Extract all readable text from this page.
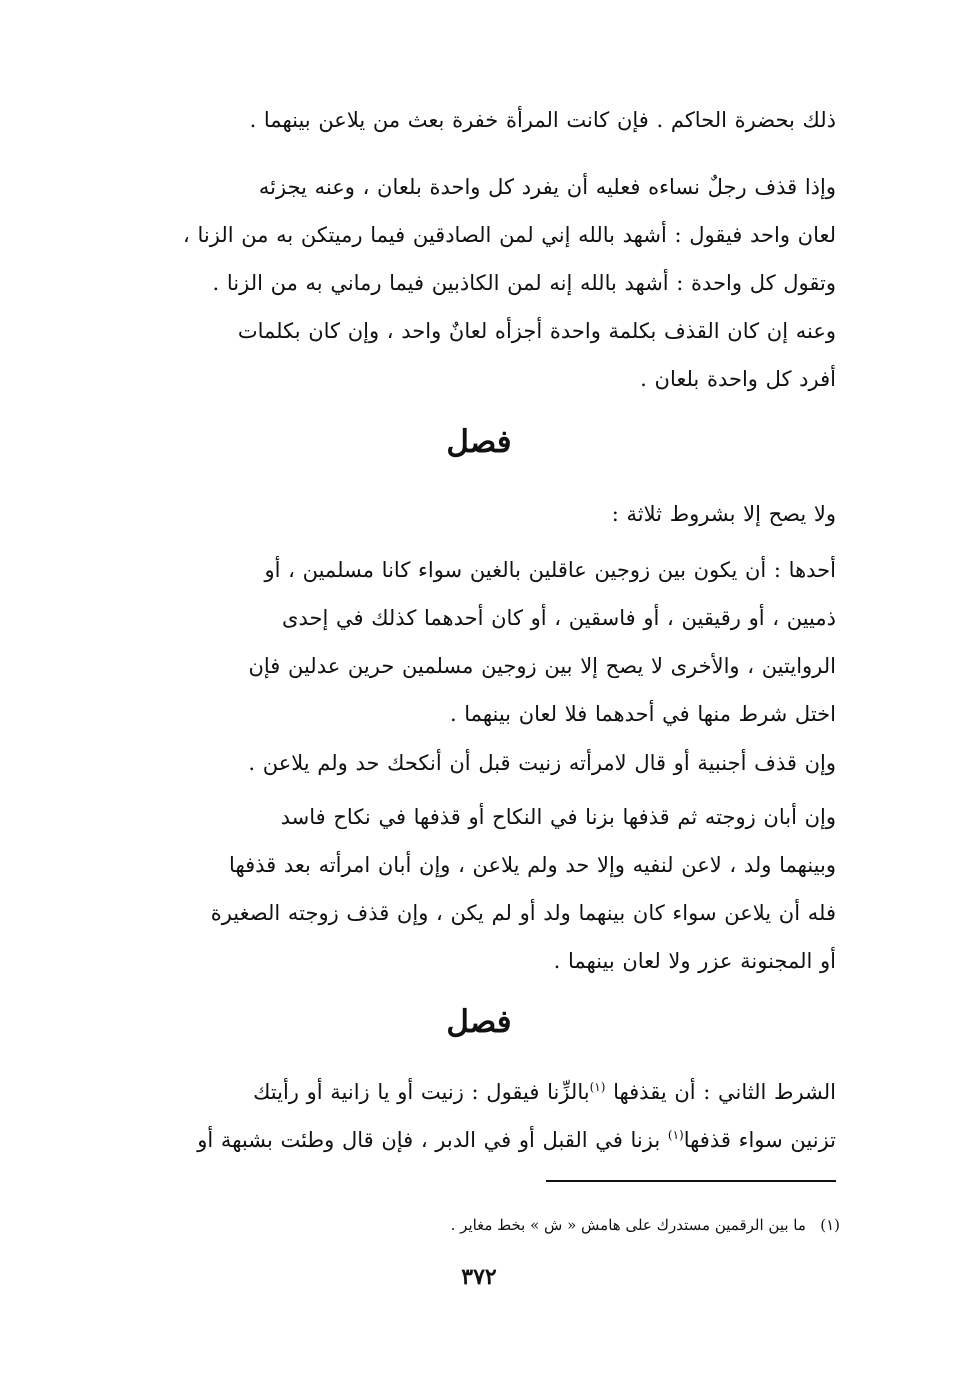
ذلك بحضرة الحاكم . فإن كانت المرأة خفرة بعث من يلاعن بينهما .

وإذا قذف رجلٌ نساءه فعليه أن يفرد كل واحدة بلعان ، وعنه يجزئه

لعان واحد فيقول : أشهد بالله إني لمن الصادقين فيما رميتكن به من الزنا ،

وتقول كل واحدة : أشهد بالله إنه لمن الكاذبين فيما رماني به من الزنا .

وعنه إن كان القذف بكلمة واحدة أجزأه لعانٌ واحد ، وإن كان بكلمات

أفرد كل واحدة بلعان .

فصل

ولا يصح إلا بشروط ثلاثة :

أحدها : أن يكون بين زوجين عاقلين بالغين سواء كانا مسلمين ، أو

ذميين ، أو رقيقين ، أو فاسقين ، أو كان أحدهما كذلك في إحدى

الروايتين ، والأخرى لا يصح إلا بين زوجين مسلمين حرين عدلين فإن

اختل شرط منها في أحدهما فلا لعان بينهما .

وإن قذف أجنبية أو قال لامرأته زنيت قبل أن أنكحك حد ولم يلاعن .

وإن أبان زوجته ثم قذفها بزنا في النكاح أو قذفها في نكاح فاسد

وبينهما ولد ، لاعن لنفيه وإلا حد ولم يلاعن ، وإن أبان امرأته بعد قذفها

فله أن يلاعن سواء كان بينهما ولد أو لم يكن ، وإن قذف زوجته الصغيرة

أو المجنونة عزر ولا لعان بينهما .

فصل

الشرط الثاني : أن يقذفها $^{(١)}$بالزِّنا فيقول : زنيت أو يا زانية أو رأيتك

تزنين سواء قذفها$^{(١)}$ بزنا في القبل أو في الدبر ، فإن قال وطئت بشبهة أو

(١)   ما بين الرقمين مستدرك على هامش « ش » بخط مغاير .

٣٧٢
